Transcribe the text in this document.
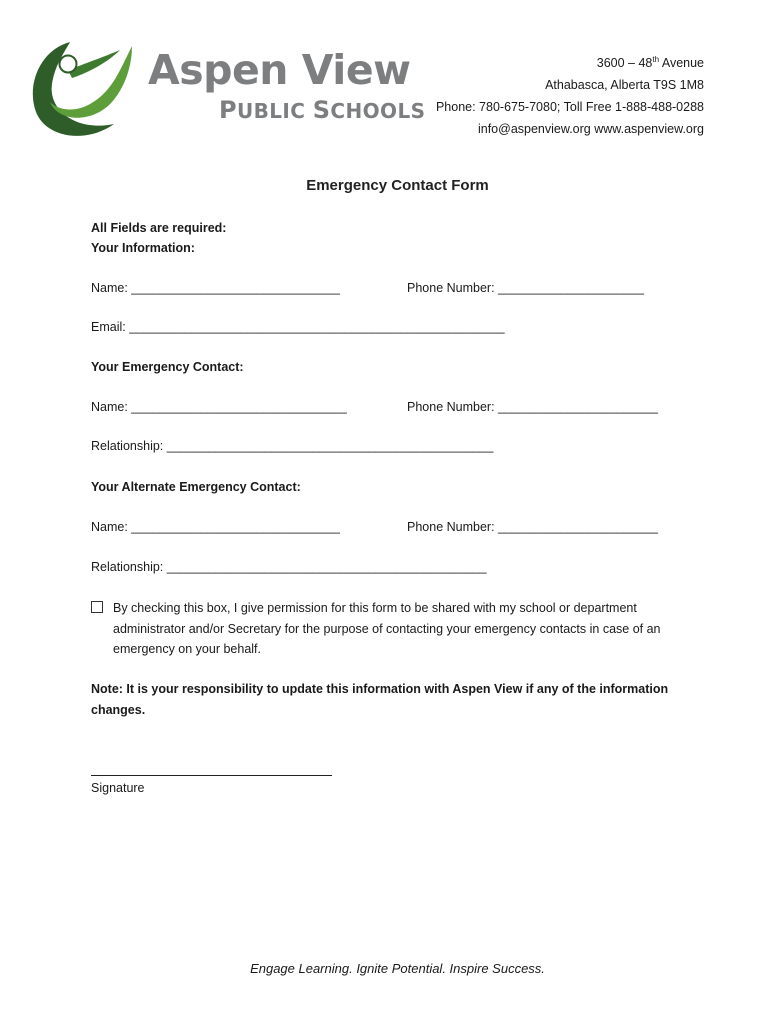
Aspen View
PUBLIC SCHOOLS
3600 – 48th Avenue
Athabasca, Alberta T9S 1M8
Phone: 780-675-7080; Toll Free 1-888-488-0288
info@aspenview.org www.aspenview.org
Emergency Contact Form
All Fields are required:
Your Information:
Name: ______________________________	Phone Number: _____________________
Email: ______________________________________________________
Your Emergency Contact:
Name: _______________________________	Phone Number: _______________________
Relationship: _______________________________________________
Your Alternate Emergency Contact:
Name: ______________________________	Phone Number: _______________________
Relationship: ______________________________________________
By checking this box, I give permission for this form to be shared with my school or department
administrator and/or Secretary for the purpose of contacting your emergency contacts in case of an
emergency on your behalf.
Note: It is your responsibility to update this information with Aspen View if any of the information
changes.
Signature
Engage Learning. Ignite Potential. Inspire Success.
